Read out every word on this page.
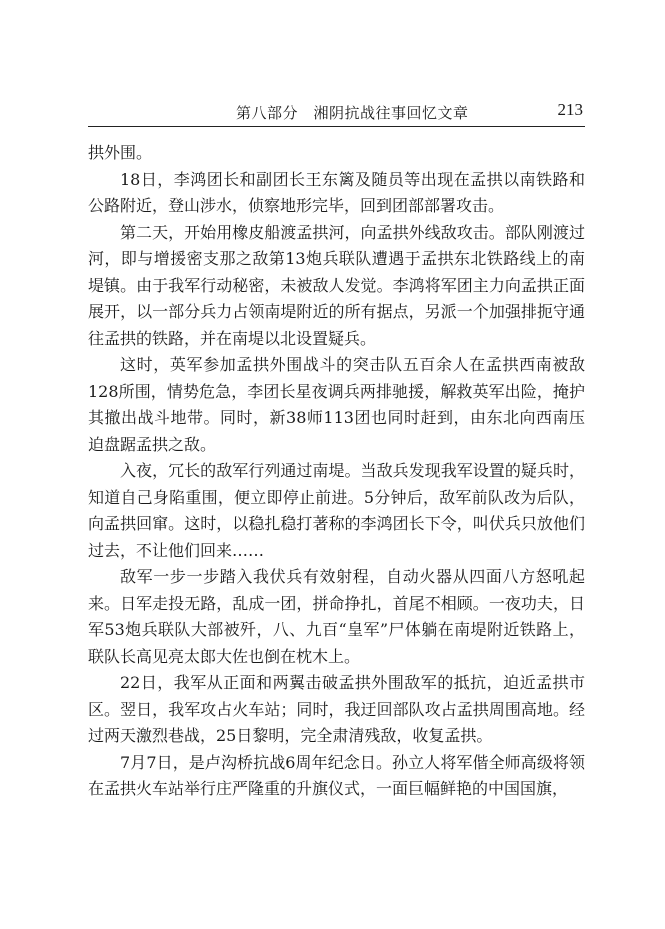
第八部分　湘阴抗战往事回忆文章	213

拱外围。

18日，李鸿团长和副团长王东篱及随员等出现在孟拱以南铁路和公路附近，登山涉水，侦察地形完毕，回到团部部署攻击。

第二天，开始用橡皮船渡孟拱河，向孟拱外线敌攻击。部队刚渡过河，即与增援密支那之敌第13炮兵联队遭遇于孟拱东北铁路线上的南堤镇。由于我军行动秘密，未被敌人发觉。李鸿将军团主力向孟拱正面展开，以一部分兵力占领南堤附近的所有据点，另派一个加强排扼守通往孟拱的铁路，并在南堤以北设置疑兵。

这时，英军参加孟拱外围战斗的突击队五百余人在孟拱西南被敌128所围，情势危急，李团长星夜调兵两排驰援，解救英军出险，掩护其撤出战斗地带。同时，新38师113团也同时赶到，由东北向西南压迫盘踞孟拱之敌。

入夜，冗长的敌军行列通过南堤。当敌兵发现我军设置的疑兵时，知道自己身陷重围，便立即停止前进。5分钟后，敌军前队改为后队，向孟拱回窜。这时，以稳扎稳打著称的李鸿团长下令，叫伏兵只放他们过去，不让他们回来……

敌军一步一步踏入我伏兵有效射程，自动火器从四面八方怒吼起来。日军走投无路，乱成一团，拼命挣扎，首尾不相顾。一夜功夫，日军53炮兵联队大部被歼，八、九百“皇军”尸体躺在南堤附近铁路上，联队长高见亮太郎大佐也倒在枕木上。

22日，我军从正面和两翼击破孟拱外围敌军的抵抗，迫近孟拱市区。翌日，我军攻占火车站；同时，我迂回部队攻占孟拱周围高地。经过两天激烈巷战，25日黎明，完全肃清残敌，收复孟拱。

7月7日，是卢沟桥抗战6周年纪念日。孙立人将军偕全师高级将领在孟拱火车站举行庄严隆重的升旗仪式，一面巨幅鲜艳的中国国旗，
